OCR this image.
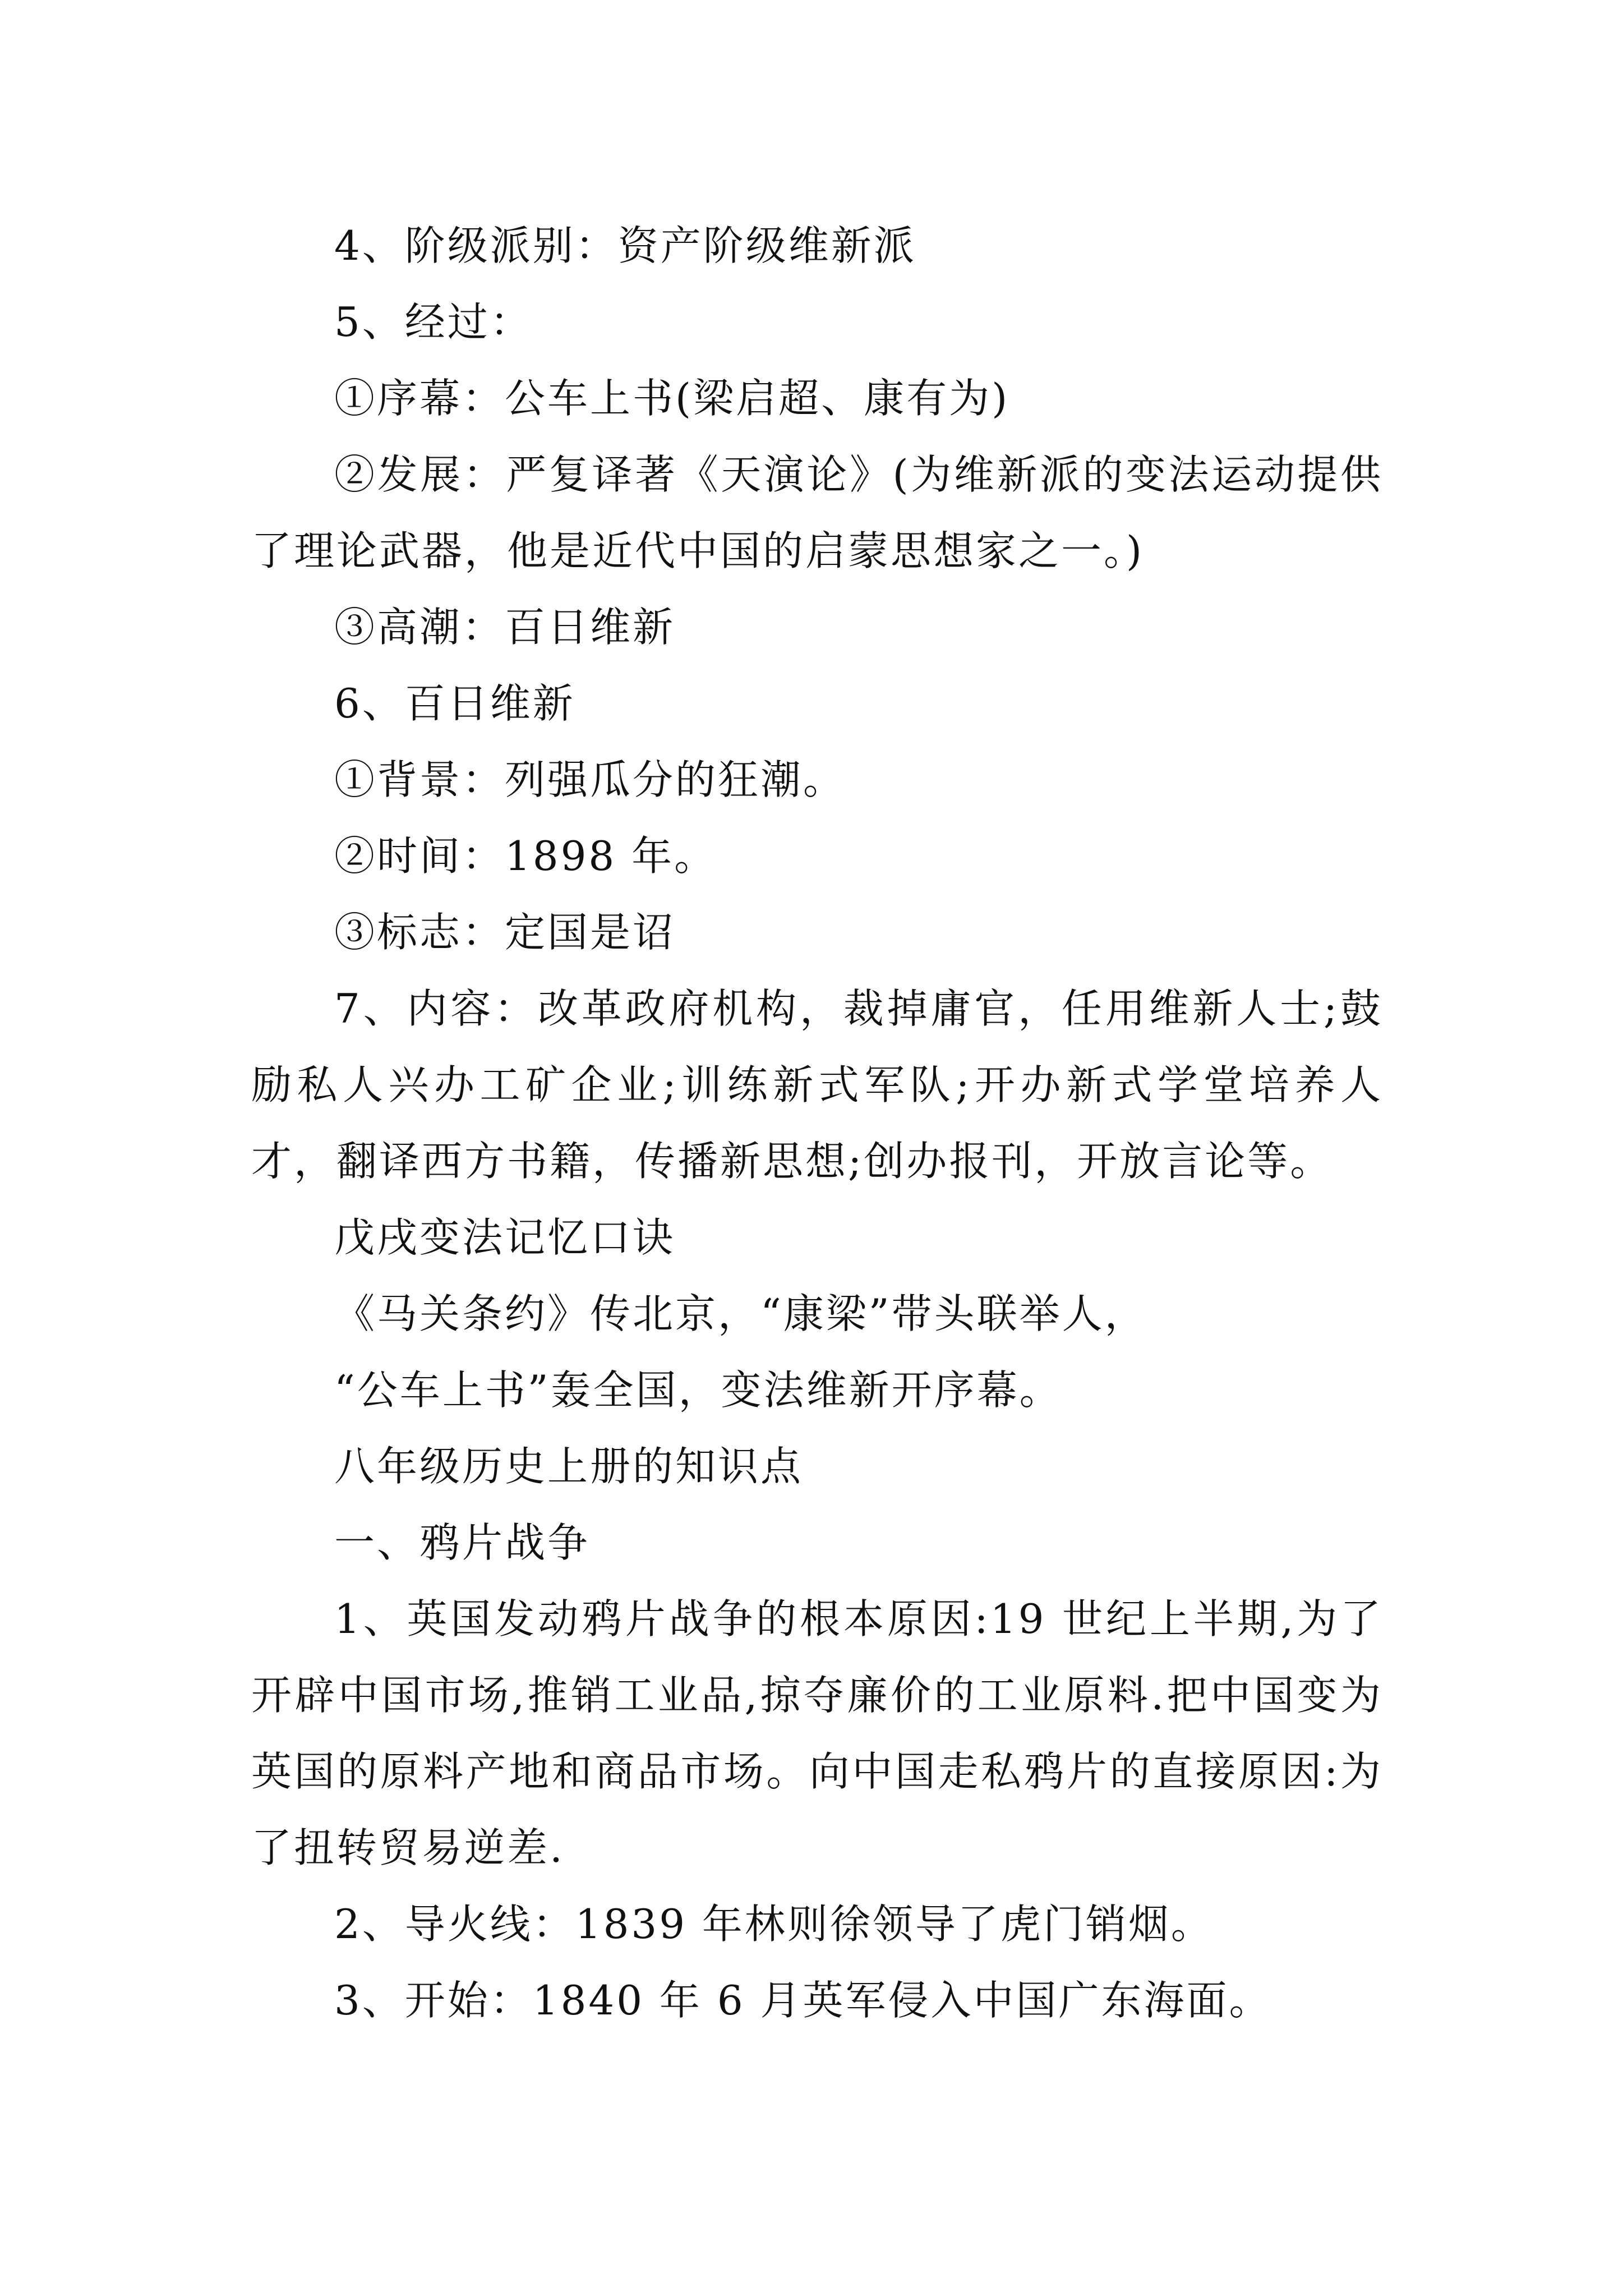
4、阶级派别：资产阶级维新派

5、经过：

①序幕：公车上书(梁启超、康有为)

②发展：严复译著《天演论》(为维新派的变法运动提供了理论武器，他是近代中国的启蒙思想家之一。)

③高潮：百日维新

6、百日维新

①背景：列强瓜分的狂潮。

②时间：1898 年。

③标志：定国是诏

7、内容：改革政府机构，裁掉庸官，任用维新人士;鼓励私人兴办工矿企业;训练新式军队;开办新式学堂培养人才，翻译西方书籍，传播新思想;创办报刊，开放言论等。

戊戌变法记忆口诀

《马关条约》传北京，“康梁”带头联举人，

“公车上书”轰全国，变法维新开序幕。

八年级历史上册的知识点

一、鸦片战争

1、英国发动鸦片战争的根本原因:19 世纪上半期,为了开辟中国市场,推销工业品,掠夺廉价的工业原料.把中国变为英国的原料产地和商品市场。向中国走私鸦片的直接原因:为了扭转贸易逆差.

2、导火线：1839 年林则徐领导了虎门销烟。

3、开始：1840 年 6 月英军侵入中国广东海面。
